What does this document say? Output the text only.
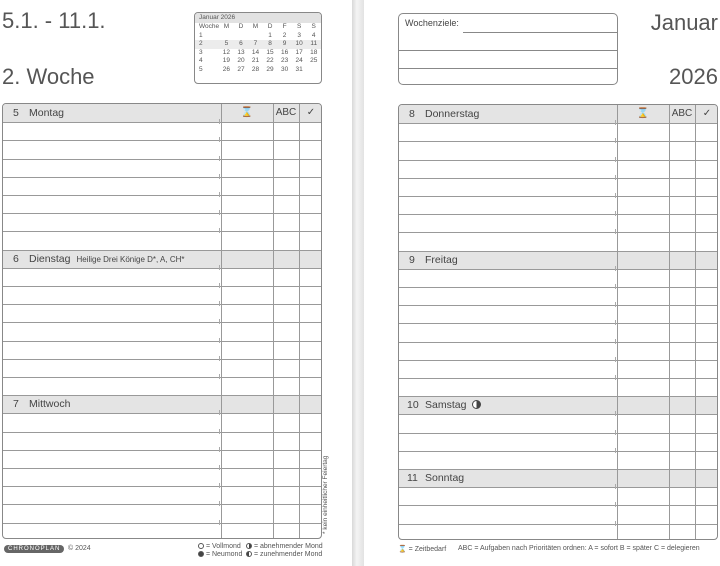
5.1. - 11.1.
2. Woche
Januar 2026
Woche	M	D	M	D	F	S	S
1				1	2	3	4
2	5	6	7	8	9	10	11
3	12	13	14	15	16	17	18
4	19	20	21	22	23	24	25
5	26	27	28	29	30	31	
⌛	ABC	✓
5 Montag
6 Dienstag Heilige Drei Könige D*, A, CH*
7 Mittwoch
* kein einheitlicher Feiertag
CHRONOPLAN	© 2024	= Vollmond	= abnehmender Mond
= Neumond	= zunehmender Mond
Wochenziele:	Januar
2026
⌛	ABC	✓
8 Donnerstag
9 Freitag
10 Samstag
11 Sonntag
⌛ = Zeitbedarf ABC = Aufgaben nach Prioritäten ordnen: A = sofort B = später C = delegieren
